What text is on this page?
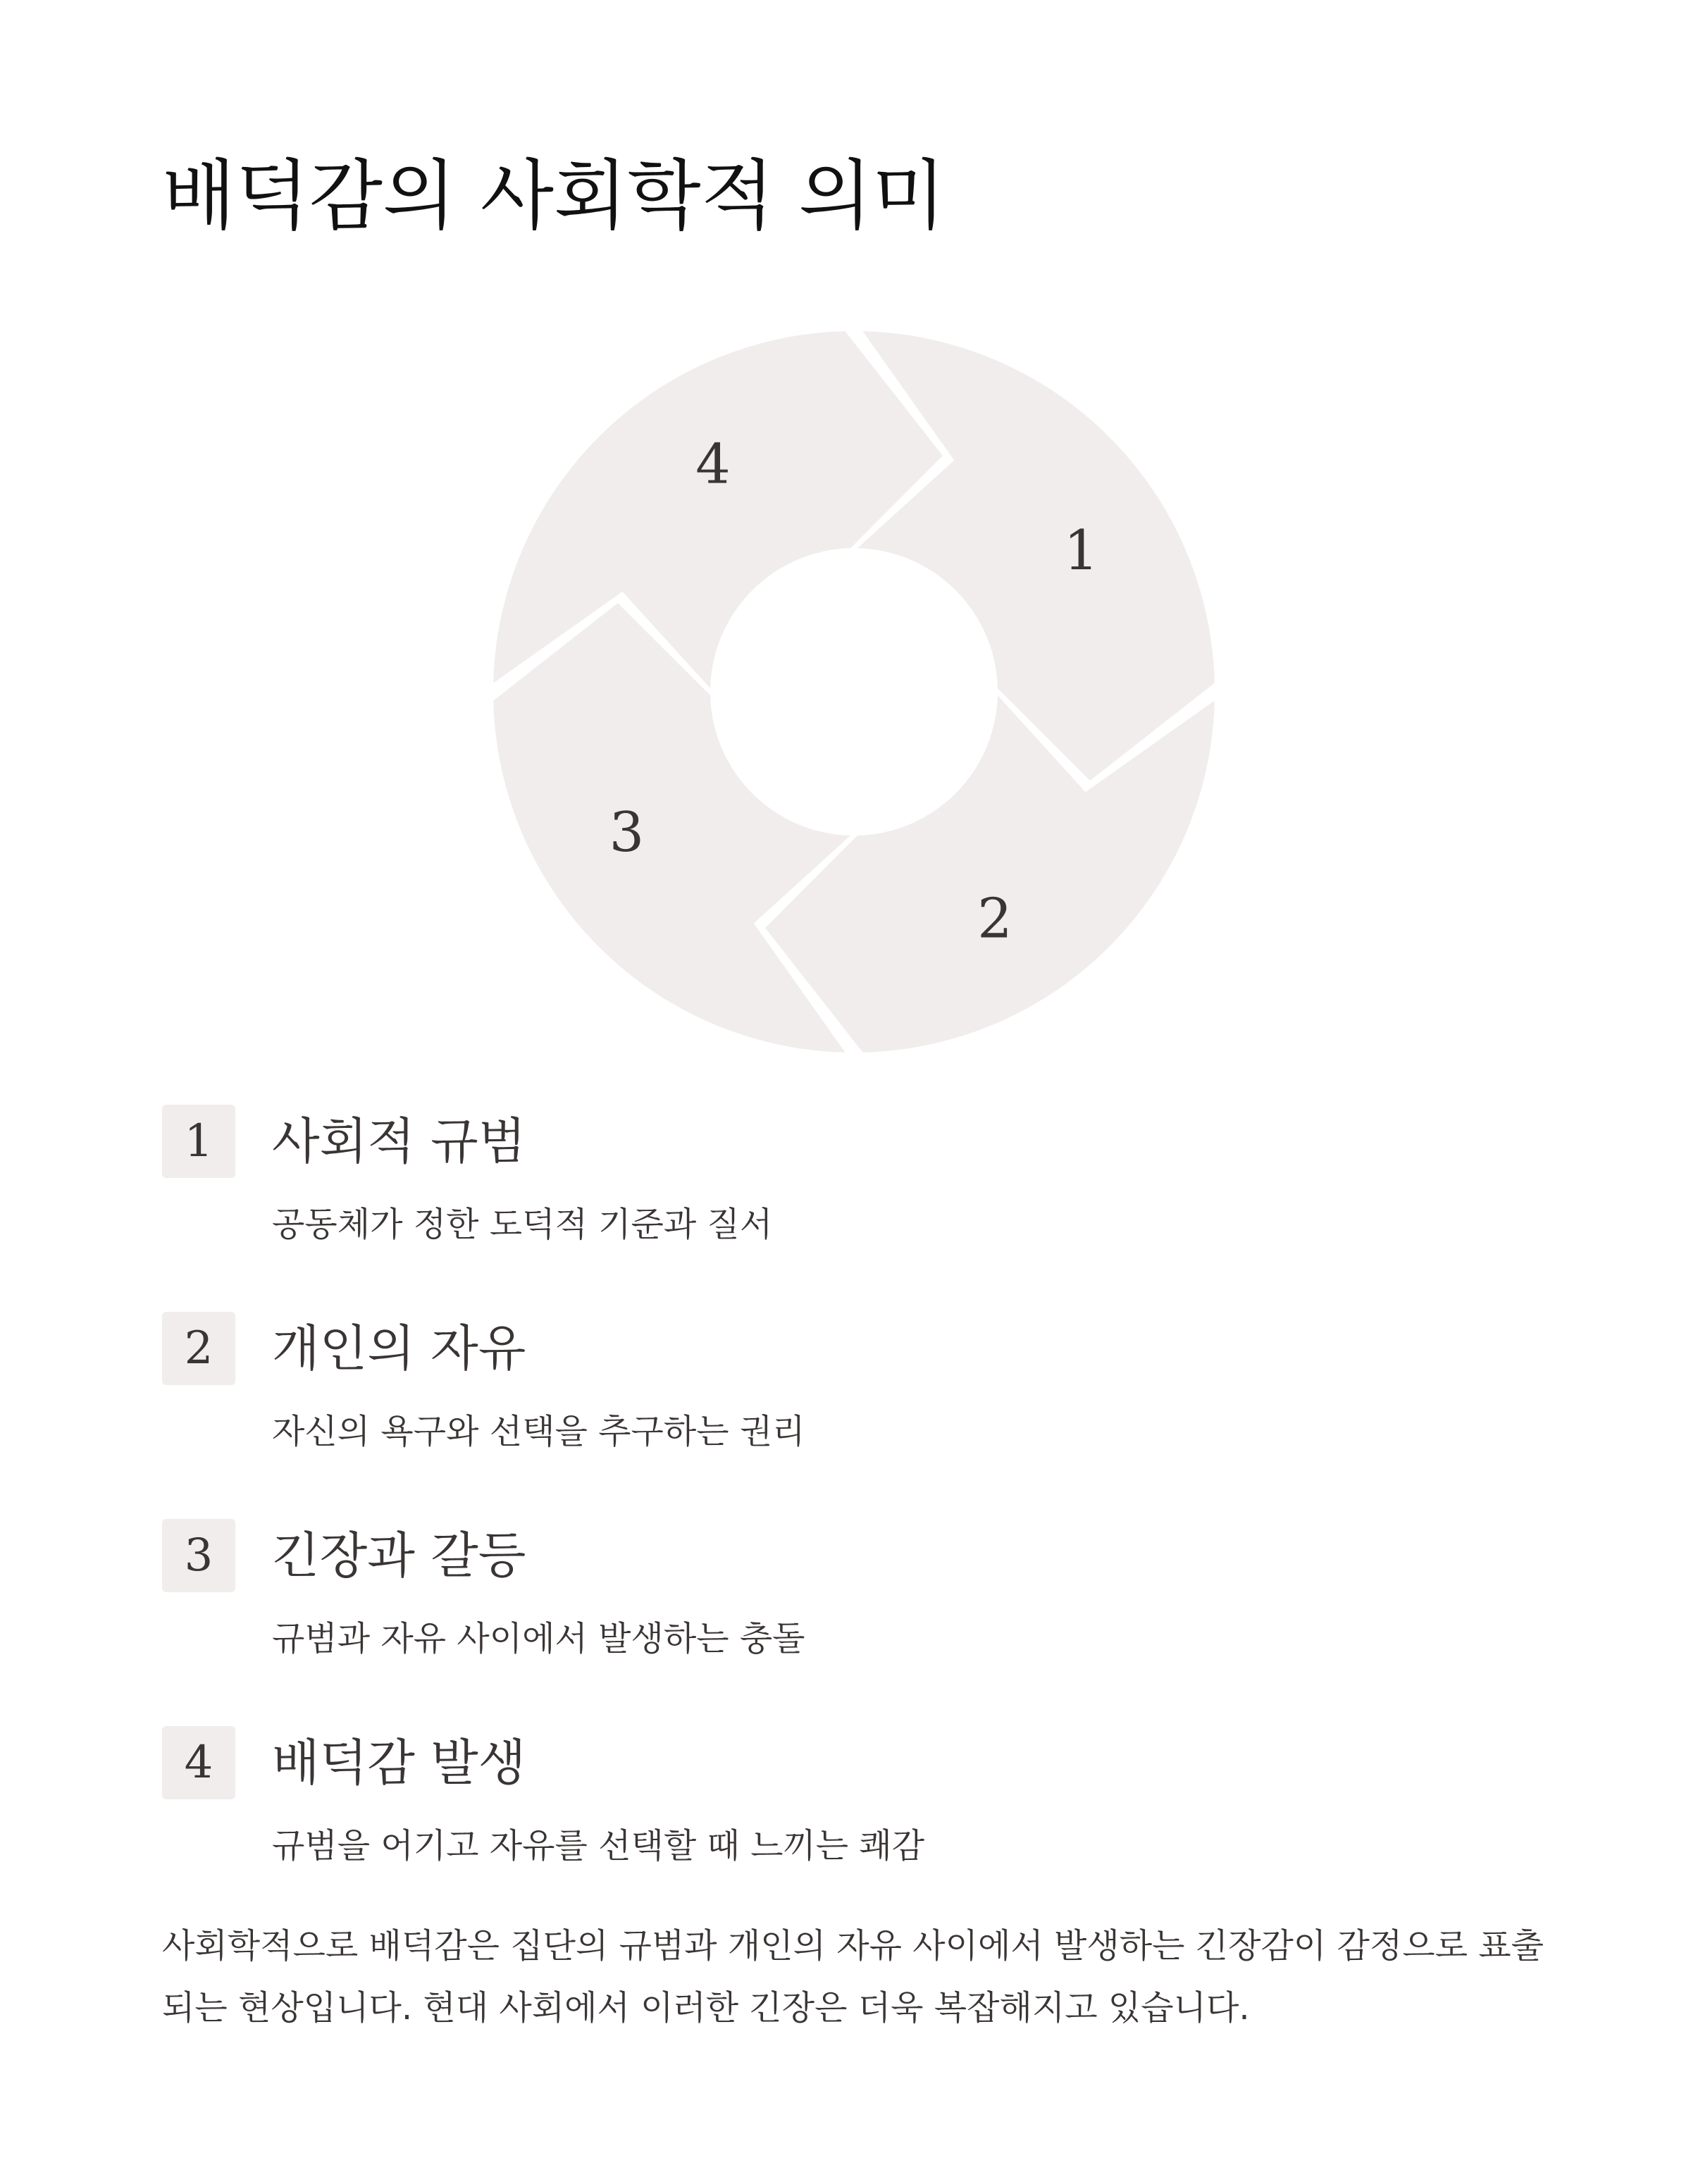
배덕감의 사회학적 의미
1
2
3
4
1	사회적 규범
공동체가 정한 도덕적 기준과 질서
2	개인의 자유
자신의 욕구와 선택을 추구하는 권리
3	긴장과 갈등
규범과 자유 사이에서 발생하는 충돌
4	배덕감 발생
규범을 어기고 자유를 선택할 때 느끼는 쾌감

사회학적으로 배덕감은 집단의 규범과 개인의 자유 사이에서 발생하는 긴장감이 감정으로 표출되는 현상입니다. 현대 사회에서 이러한 긴장은 더욱 복잡해지고 있습니다.
